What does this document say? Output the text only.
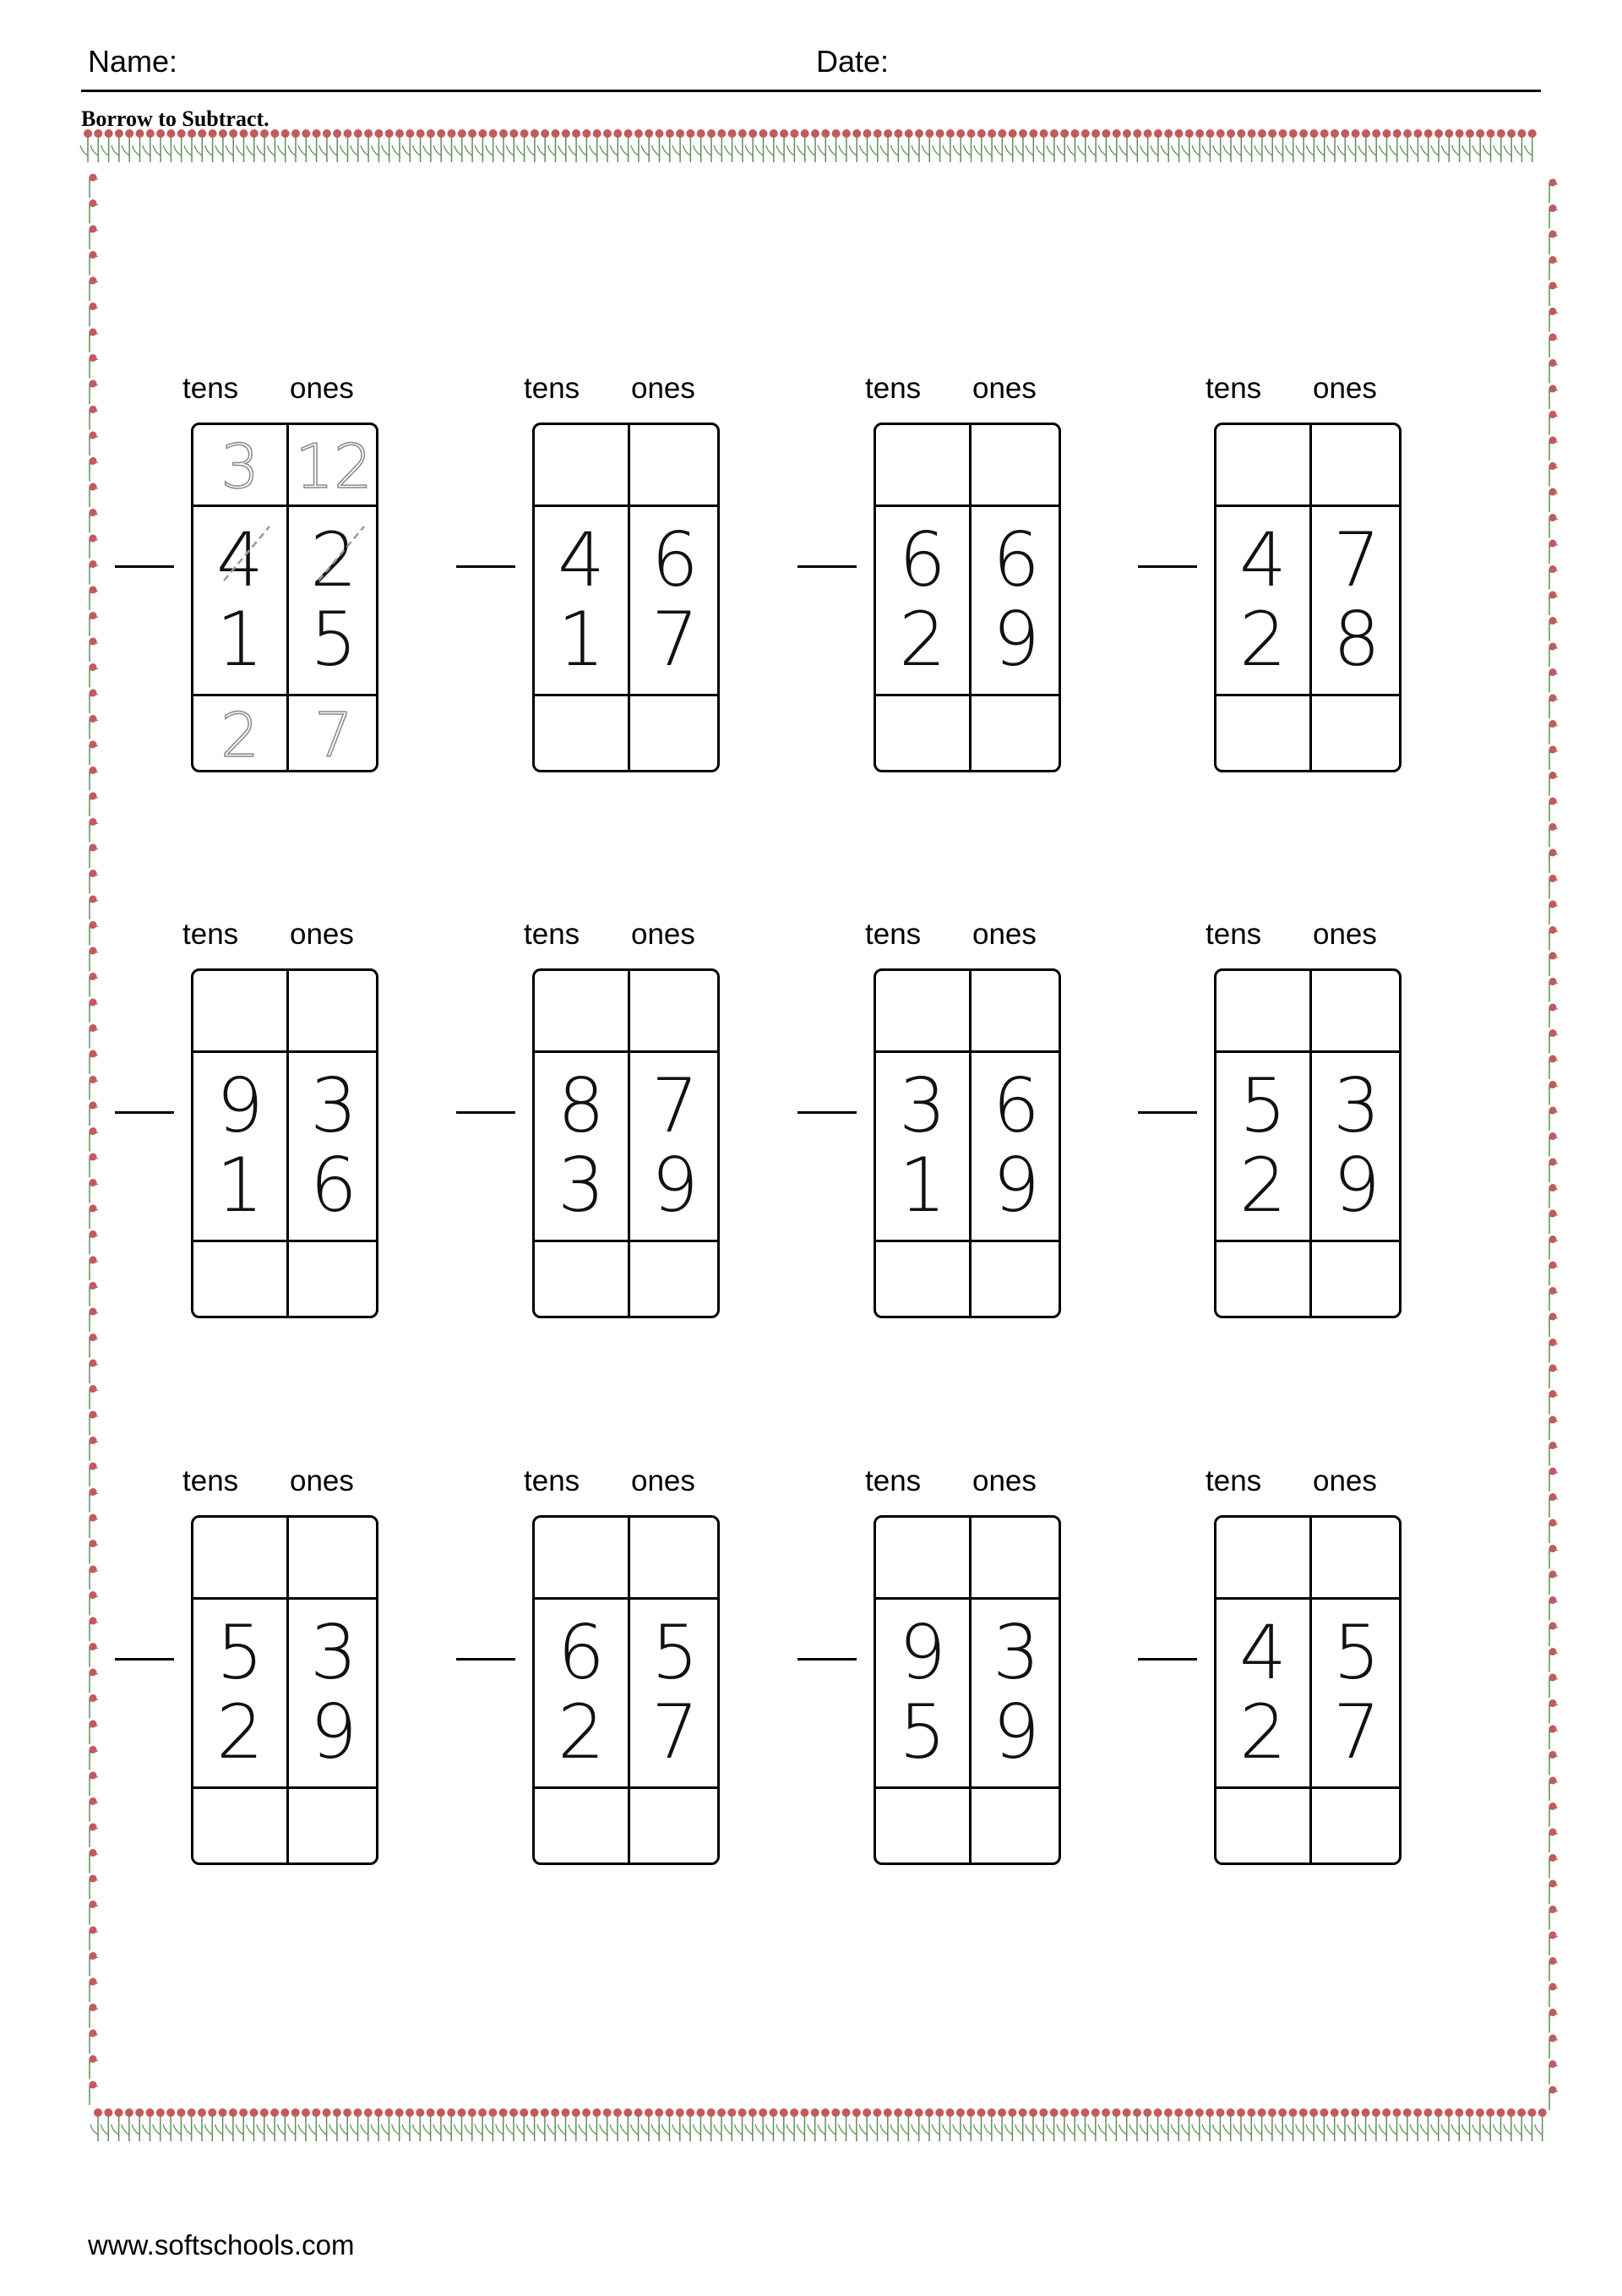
Name:	Date:
Borrow to Subtract.
tens ones
4 2
1 5
3 12
2 7
tens ones
4 6
1 7
tens ones
6 6
2 9
tens ones
4 7
2 8
tens ones
9 3
1 6
tens ones
8 7
3 9
tens ones
3 6
1 9
tens ones
5 3
2 9
tens ones
5 3
2 9
tens ones
6 5
2 7
tens ones
9 3
5 9
tens ones
4 5
2 7
www.softschools.com
